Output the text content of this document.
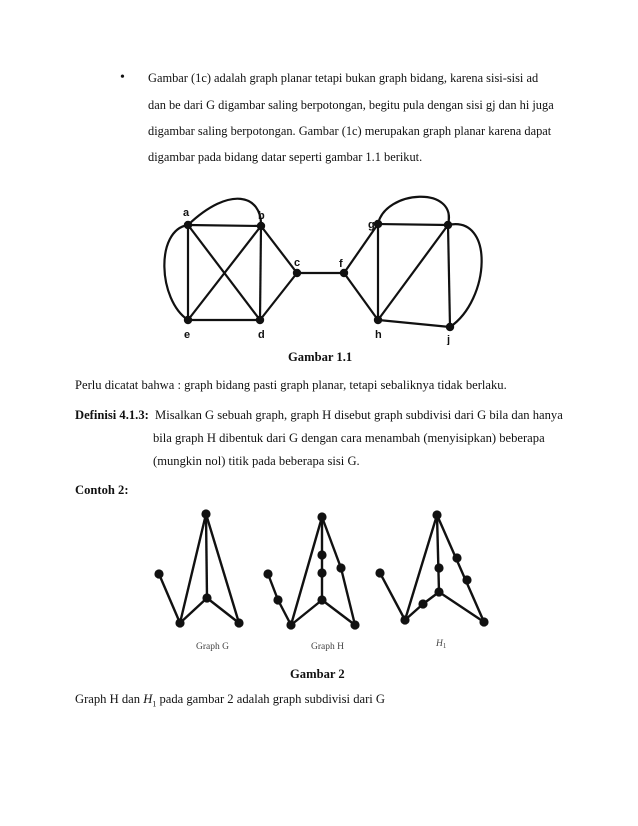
• Gambar (1c) adalah graph planar tetapi bukan graph bidang, karena sisi-sisi ad
dan be dari G digambar saling berpotongan, begitu pula dengan sisi gj dan hi juga
digambar saling berpotongan. Gambar (1c) merupakan graph planar karena dapat
digambar pada bidang datar seperti gambar 1.1 berikut.
a	b
c
d
e
f
g
h
i
j
Gambar 1.1
Perlu dicatat bahwa : graph bidang pasti graph planar, tetapi sebaliknya tidak berlaku.
Definisi 4.1.3: Misalkan G sebuah graph, graph H disebut graph subdivisi dari G bila dan hanya
bila graph H dibentuk dari G dengan cara menambah (menyisipkan) beberapa
(mungkin nol) titik pada beberapa sisi G.
Contoh 2:
Graph G	Graph H	$H_1$
Gambar 2
Graph H dan $H_1$ pada gambar 2 adalah graph subdivisi dari G
